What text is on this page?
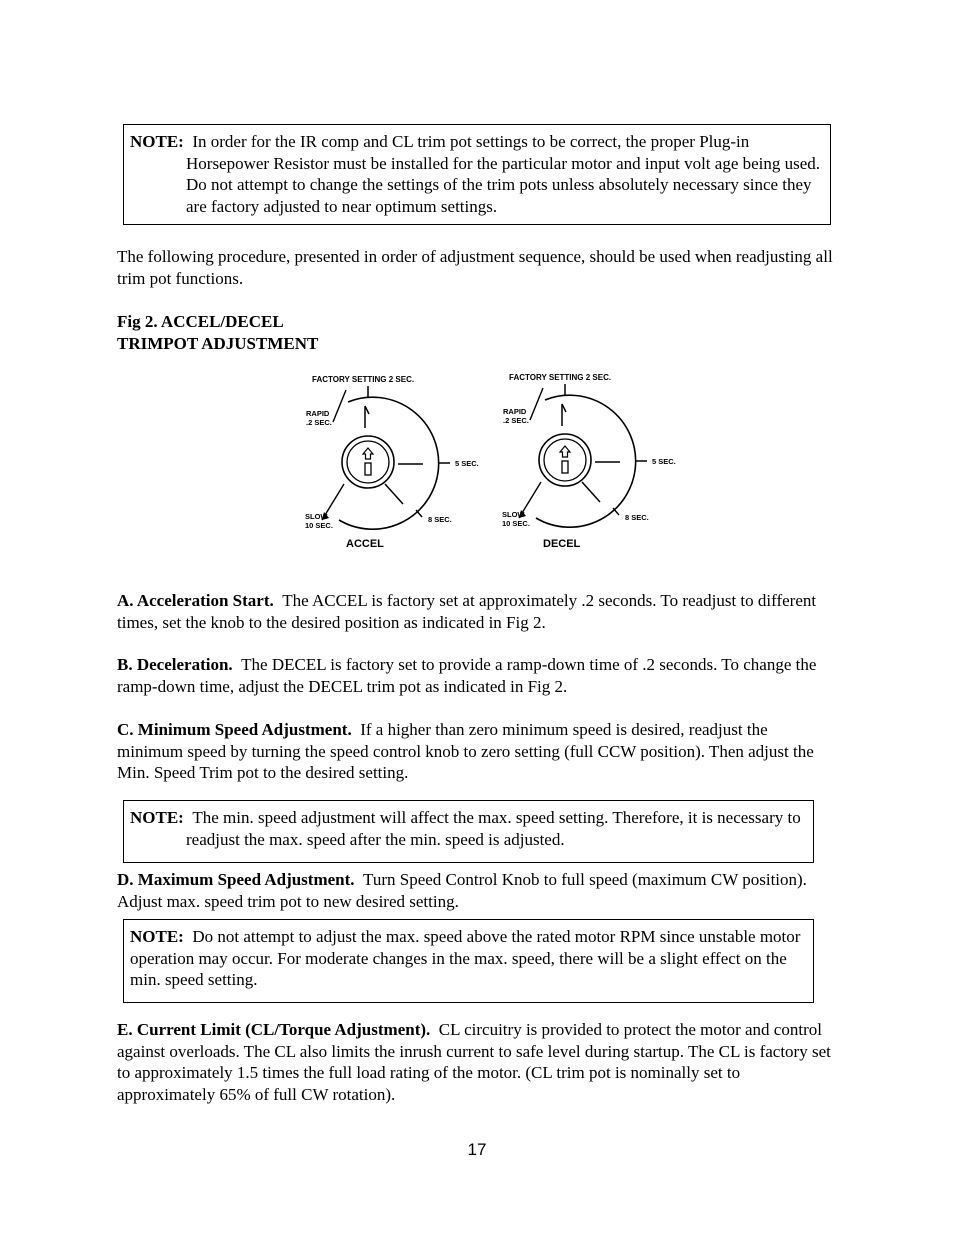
NOTE: In order for the IR comp and CL trim pot settings to be correct, the proper Plug-in Horsepower Resistor must be installed for the particular motor and input volt age being used. Do not attempt to change the settings of the trim pots unless absolutely necessary since they are factory adjusted to near optimum settings.

The following procedure, presented in order of adjustment sequence, should be used when readjusting all trim pot functions.

Fig 2. ACCEL/DECEL
TRIMPOT ADJUSTMENT
FACTORY SETTING 2 SEC.
RAPID
.2 SEC.
SLOW
10 SEC.
5 SEC.
8 SEC.
ACCEL
FACTORY SETTING 2 SEC.
RAPID
.2 SEC.
SLOW
10 SEC.
5 SEC.
8 SEC.
DECEL

A. Acceleration Start. The ACCEL is factory set at approximately .2 seconds. To readjust to different times, set the knob to the desired position as indicated in Fig 2.

B. Deceleration. The DECEL is factory set to provide a ramp-down time of .2 seconds. To change the ramp-down time, adjust the DECEL trim pot as indicated in Fig 2.

C. Minimum Speed Adjustment. If a higher than zero minimum speed is desired, readjust the minimum speed by turning the speed control knob to zero setting (full CCW position). Then adjust the Min. Speed Trim pot to the desired setting.

NOTE: The min. speed adjustment will affect the max. speed setting. Therefore, it is necessary to readjust the max. speed after the min. speed is adjusted.

D. Maximum Speed Adjustment. Turn Speed Control Knob to full speed (maximum CW position). Adjust max. speed trim pot to new desired setting.

NOTE: Do not attempt to adjust the max. speed above the rated motor RPM since unstable motor operation may occur. For moderate changes in the max. speed, there will be a slight effect on the min. speed setting.

E. Current Limit (CL/Torque Adjustment). CL circuitry is provided to protect the motor and control against overloads. The CL also limits the inrush current to safe level during startup. The CL is factory set to approximately 1.5 times the full load rating of the motor. (CL trim pot is nominally set to approximately 65% of full CW rotation).

17
